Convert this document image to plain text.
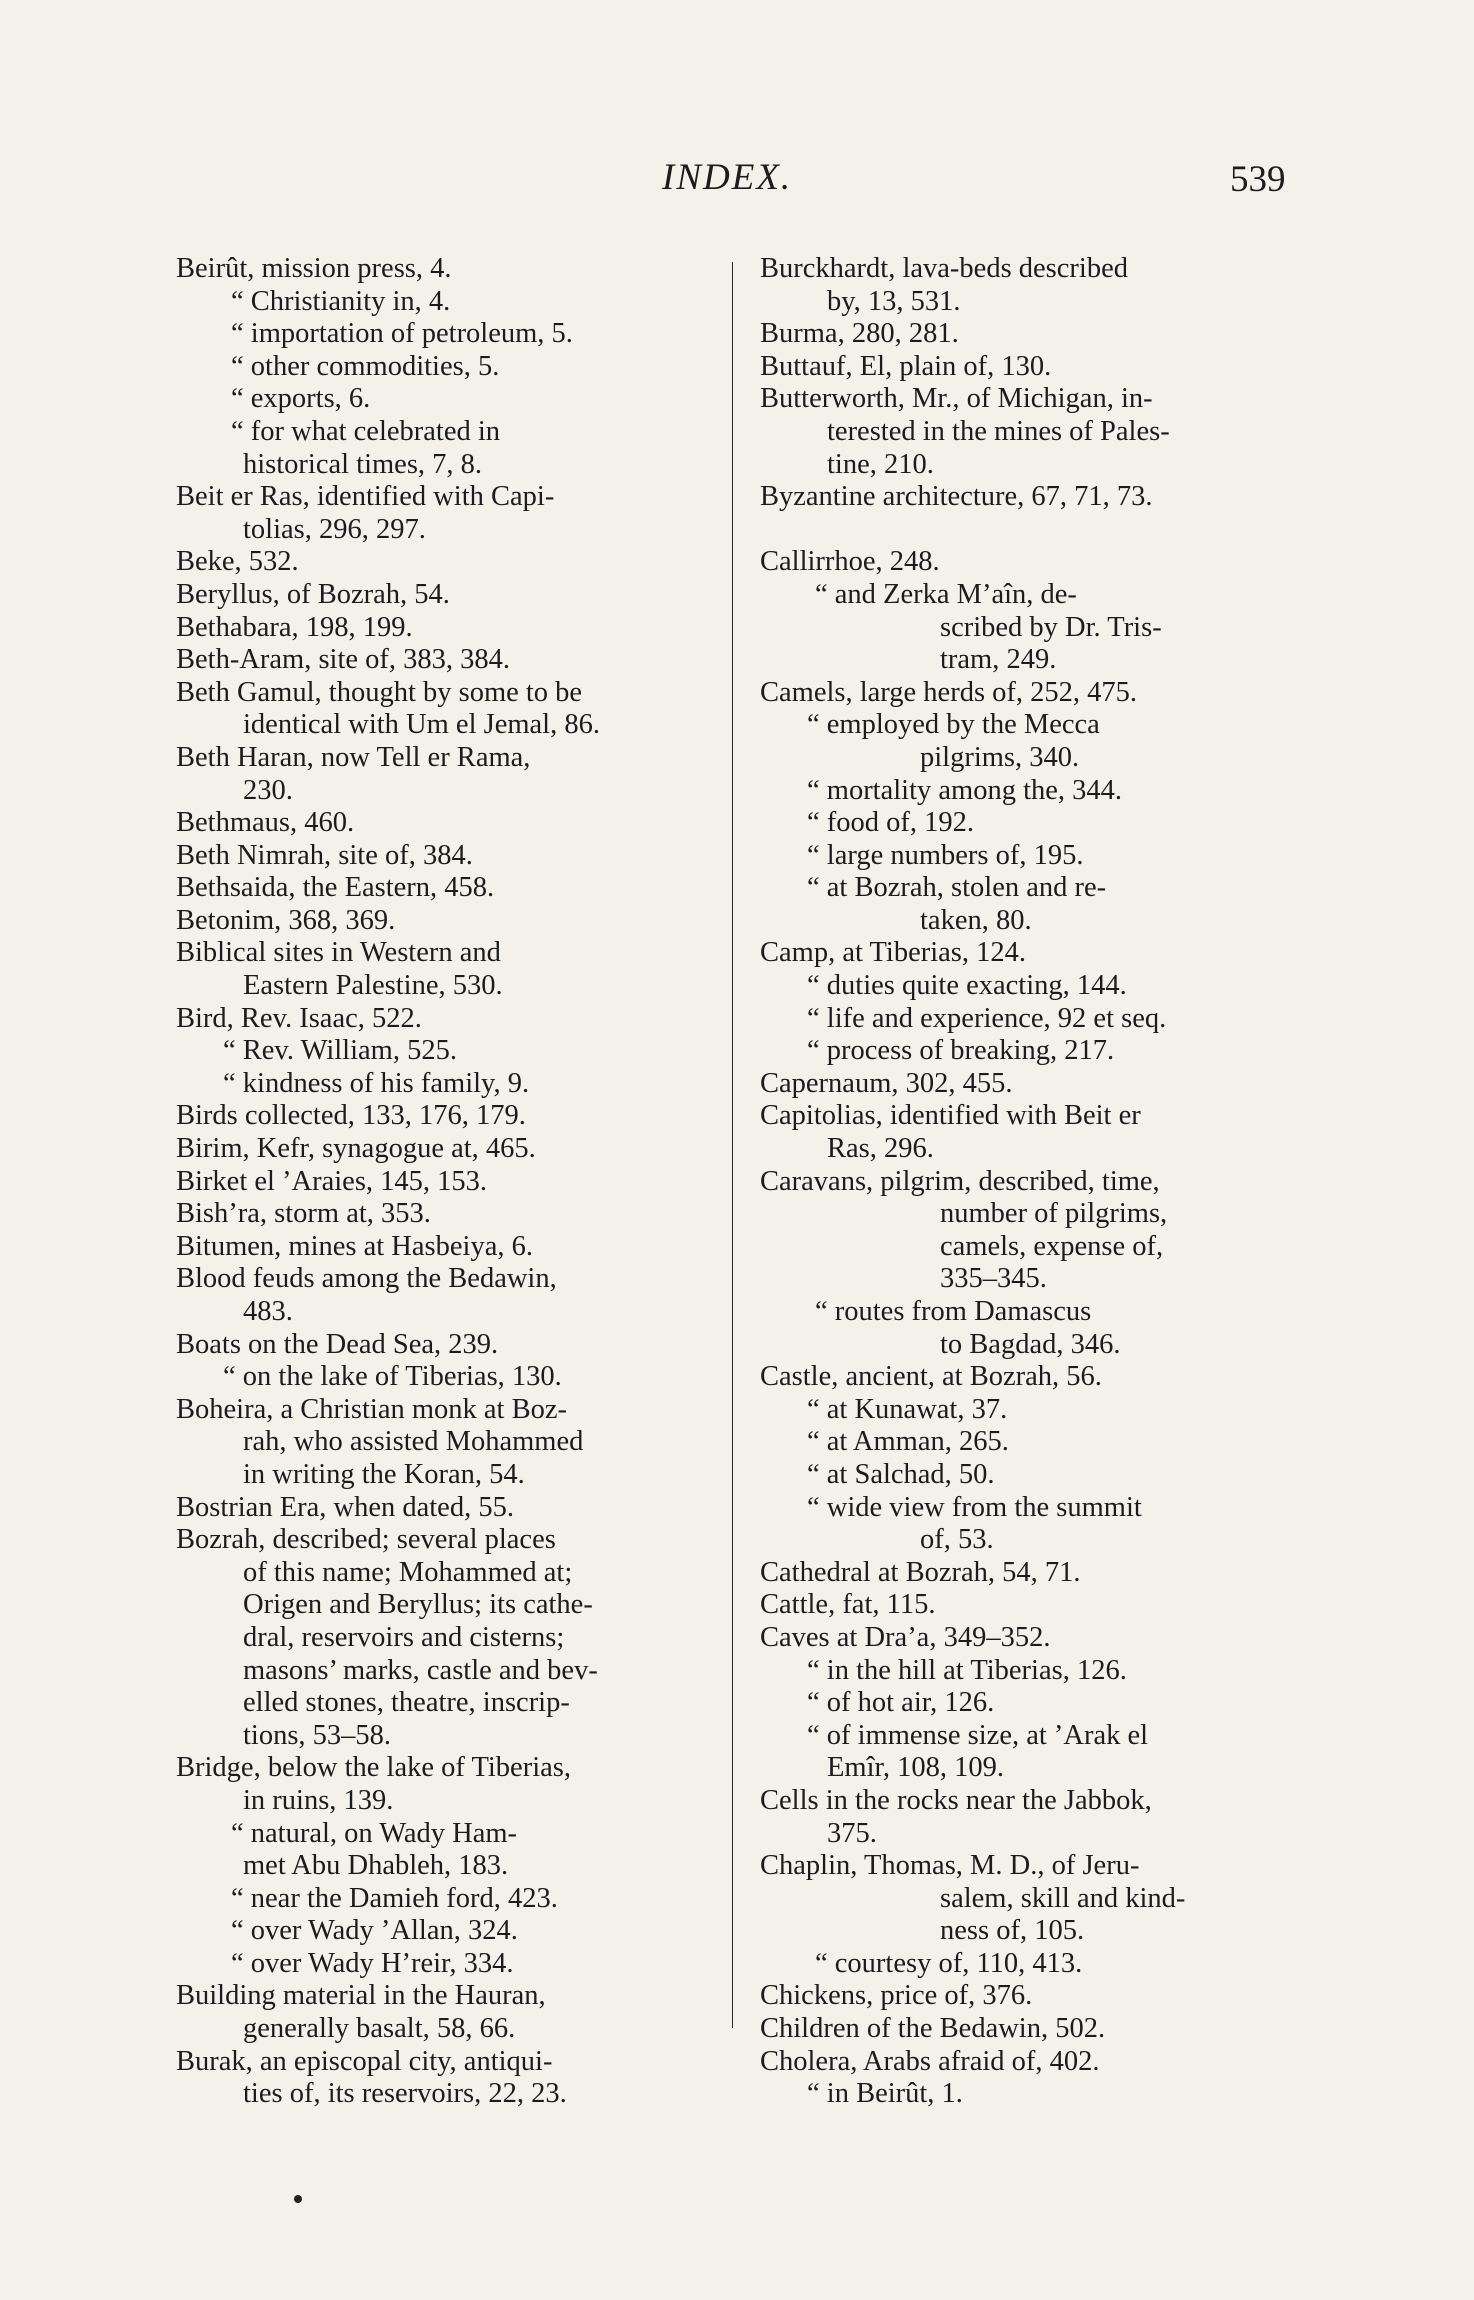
INDEX.	539
Beirût, mission press, 4.
“ Christianity in, 4.
“ importation of petroleum, 5.
“ other commodities, 5.
“ exports, 6.
“ for what celebrated in
historical times, 7, 8.
Beit er Ras, identified with Capi-
tolias, 296, 297.
Beke, 532.
Beryllus, of Bozrah, 54.
Bethabara, 198, 199.
Beth-Aram, site of, 383, 384.
Beth Gamul, thought by some to be
identical with Um el Jemal, 86.
Beth Haran, now Tell er Rama,
230.
Bethmaus, 460.
Beth Nimrah, site of, 384.
Bethsaida, the Eastern, 458.
Betonim, 368, 369.
Biblical sites in Western and
Eastern Palestine, 530.
Bird, Rev. Isaac, 522.
“ Rev. William, 525.
“ kindness of his family, 9.
Birds collected, 133, 176, 179.
Birim, Kefr, synagogue at, 465.
Birket el ’Araies, 145, 153.
Bish’ra, storm at, 353.
Bitumen, mines at Hasbeiya, 6.
Blood feuds among the Bedawin,
483.
Boats on the Dead Sea, 239.
“ on the lake of Tiberias, 130.
Boheira, a Christian monk at Boz-
rah, who assisted Mohammed
in writing the Koran, 54.
Bostrian Era, when dated, 55.
Bozrah, described; several places
of this name; Mohammed at;
Origen and Beryllus; its cathe-
dral, reservoirs and cisterns;
masons’ marks, castle and bev-
elled stones, theatre, inscrip-
tions, 53–58.
Bridge, below the lake of Tiberias,
in ruins, 139.
“ natural, on Wady Ham-
met Abu Dhableh, 183.
“ near the Damieh ford, 423.
“ over Wady ’Allan, 324.
“ over Wady H’reir, 334.
Building material in the Hauran,
generally basalt, 58, 66.
Burak, an episcopal city, antiqui-
ties of, its reservoirs, 22, 23.
Burckhardt, lava-beds described
by, 13, 531.
Burma, 280, 281.
Buttauf, El, plain of, 130.
Butterworth, Mr., of Michigan, in-
terested in the mines of Pales-
tine, 210.
Byzantine architecture, 67, 71, 73.
Callirrhoe, 248.
“ and Zerka M’aîn, de-
scribed by Dr. Tris-
tram, 249.
Camels, large herds of, 252, 475.
“ employed by the Mecca
pilgrims, 340.
“ mortality among the, 344.
“ food of, 192.
“ large numbers of, 195.
“ at Bozrah, stolen and re-
taken, 80.
Camp, at Tiberias, 124.
“ duties quite exacting, 144.
“ life and experience, 92 et seq.
“ process of breaking, 217.
Capernaum, 302, 455.
Capitolias, identified with Beit er
Ras, 296.
Caravans, pilgrim, described, time,
number of pilgrims,
camels, expense of,
335–345.
“ routes from Damascus
to Bagdad, 346.
Castle, ancient, at Bozrah, 56.
“ at Kunawat, 37.
“ at Amman, 265.
“ at Salchad, 50.
“ wide view from the summit
of, 53.
Cathedral at Bozrah, 54, 71.
Cattle, fat, 115.
Caves at Dra’a, 349–352.
“ in the hill at Tiberias, 126.
“ of hot air, 126.
“ of immense size, at ’Arak el
Emîr, 108, 109.
Cells in the rocks near the Jabbok,
375.
Chaplin, Thomas, M. D., of Jeru-
salem, skill and kind-
ness of, 105.
“ courtesy of, 110, 413.
Chickens, price of, 376.
Children of the Bedawin, 502.
Cholera, Arabs afraid of, 402.
“ in Beirût, 1.
